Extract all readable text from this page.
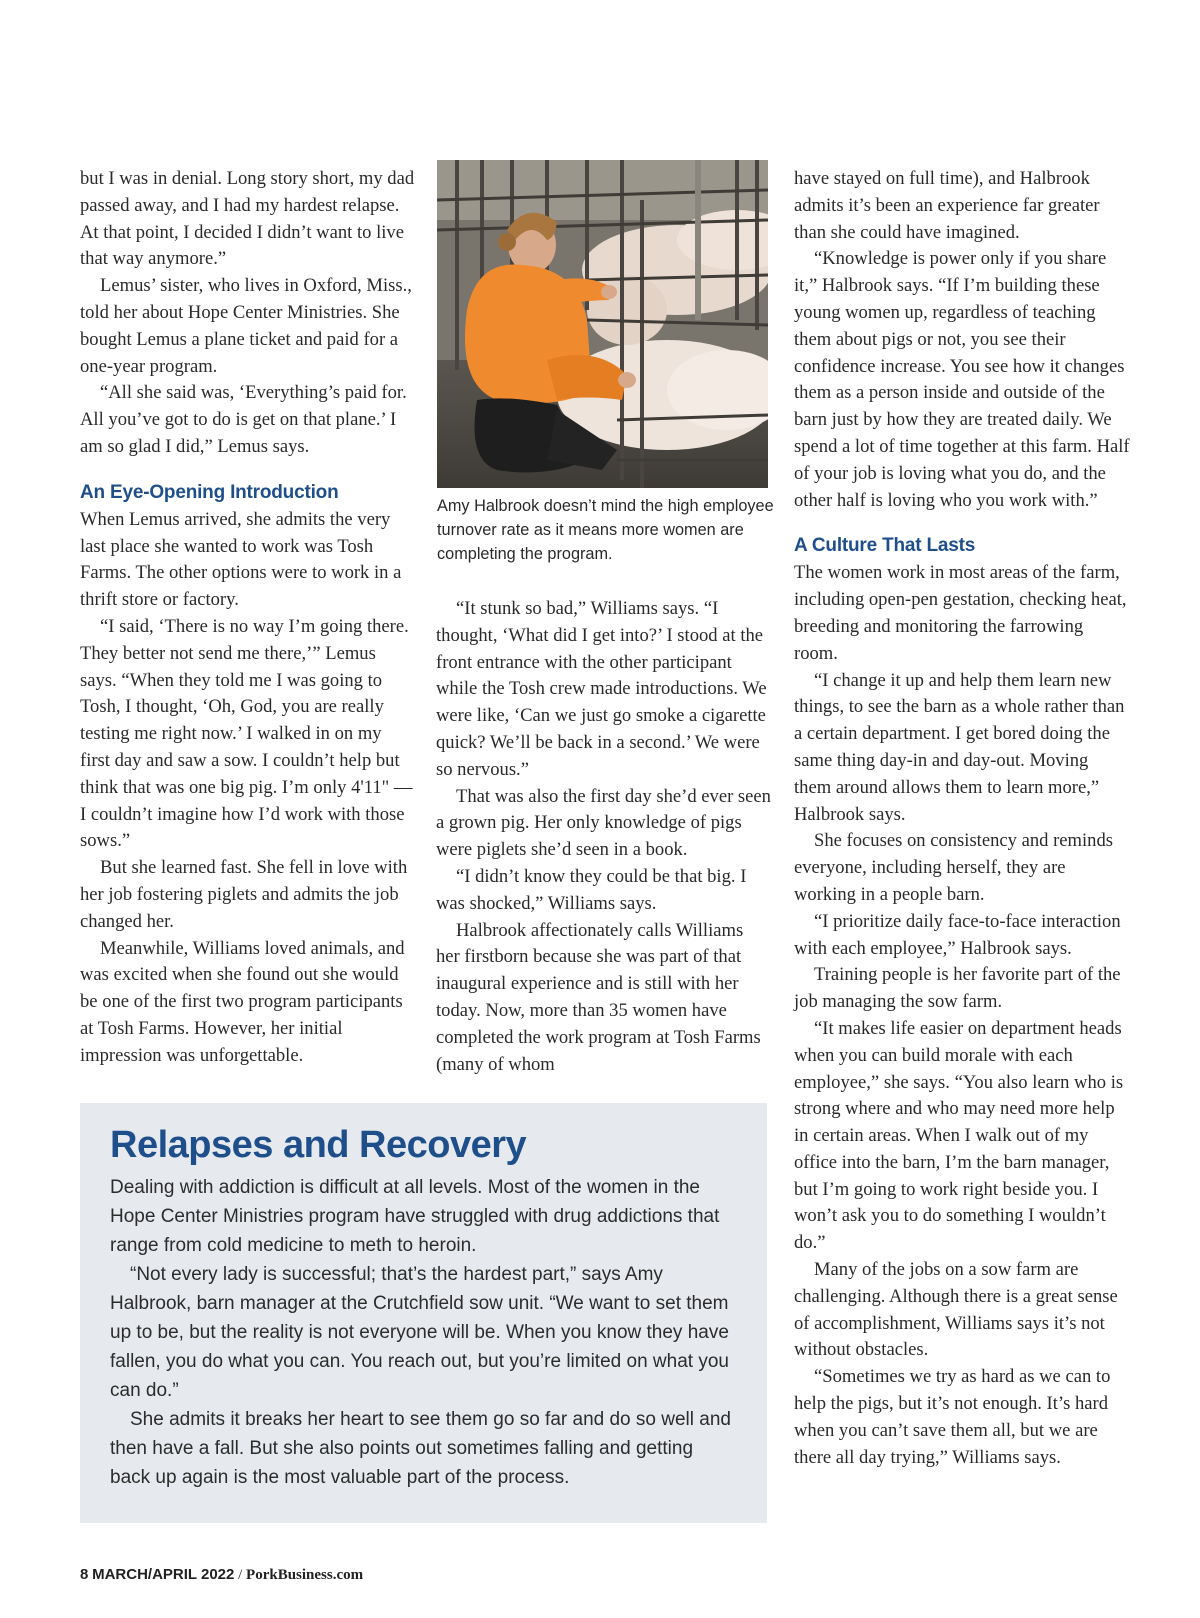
but I was in denial. Long story short, my dad passed away, and I had my hardest relapse. At that point, I decided I didn’t want to live that way anymore.”

Lemus’ sister, who lives in Oxford, Miss., told her about Hope Center Ministries. She bought Lemus a plane ticket and paid for a one-year program.

“All she said was, ‘Everything’s paid for. All you’ve got to do is get on that plane.’ I am so glad I did,” Lemus says.

An Eye-Opening Introduction

When Lemus arrived, she admits the very last place she wanted to work was Tosh Farms. The other options were to work in a thrift store or factory.

“I said, ‘There is no way I’m going there. They better not send me there,’” Lemus says. “When they told me I was going to Tosh, I thought, ‘Oh, God, you are really testing me right now.’ I walked in on my first day and saw a sow. I couldn’t help but think that was one big pig. I’m only 4'11" — I couldn’t imagine how I’d work with those sows.”

But she learned fast. She fell in love with her job fostering piglets and admits the job changed her.

Meanwhile, Williams loved animals, and was excited when she found out she would be one of the first two program participants at Tosh Farms. However, her initial impression was unforgettable.

Amy Halbrook doesn’t mind the high employee turnover rate as it means more women are completing the program.

“It stunk so bad,” Williams says. “I thought, ‘What did I get into?’ I stood at the front entrance with the other participant while the Tosh crew made introductions. We were like, ‘Can we just go smoke a cigarette quick? We’ll be back in a second.’ We were so nervous.”

That was also the first day she’d ever seen a grown pig. Her only knowledge of pigs were piglets she’d seen in a book.

“I didn’t know they could be that big. I was shocked,” Williams says.

Halbrook affectionately calls Williams her firstborn because she was part of that inaugural experience and is still with her today. Now, more than 35 women have completed the work program at Tosh Farms (many of whom

have stayed on full time), and Halbrook admits it’s been an experience far greater than she could have imagined.

“Knowledge is power only if you share it,” Halbrook says. “If I’m building these young women up, regardless of teaching them about pigs or not, you see their confidence increase. You see how it changes them as a person inside and outside of the barn just by how they are treated daily. We spend a lot of time together at this farm. Half of your job is loving what you do, and the other half is loving who you work with.”

A Culture That Lasts

The women work in most areas of the farm, including open-pen gestation, checking heat, breeding and monitoring the farrowing room.

“I change it up and help them learn new things, to see the barn as a whole rather than a certain department. I get bored doing the same thing day-in and day-out. Moving them around allows them to learn more,” Halbrook says.

She focuses on consistency and reminds everyone, including herself, they are working in a people barn.

“I prioritize daily face-to-face interaction with each employee,” Halbrook says.

Training people is her favorite part of the job managing the sow farm.

“It makes life easier on department heads when you can build morale with each employee,” she says. “You also learn who is strong where and who may need more help in certain areas. When I walk out of my office into the barn, I’m the barn manager, but I’m going to work right beside you. I won’t ask you to do something I wouldn’t do.”

Many of the jobs on a sow farm are challenging. Although there is a great sense of accomplishment, Williams says it’s not without obstacles.

“Sometimes we try as hard as we can to help the pigs, but it’s not enough. It’s hard when you can’t save them all, but we are there all day trying,” Williams says.

Relapses and Recovery

Dealing with addiction is difficult at all levels. Most of the women in the Hope Center Ministries program have struggled with drug addictions that range from cold medicine to meth to heroin.

“Not every lady is successful; that’s the hardest part,” says Amy Halbrook, barn manager at the Crutchfield sow unit. “We want to set them up to be, but the reality is not everyone will be. When you know they have fallen, you do what you can. You reach out, but you’re limited on what you can do.”

She admits it breaks her heart to see them go so far and do so well and then have a fall. But she also points out sometimes falling and getting back up again is the most valuable part of the process.

8 MARCH/APRIL 2022 / PorkBusiness.com
